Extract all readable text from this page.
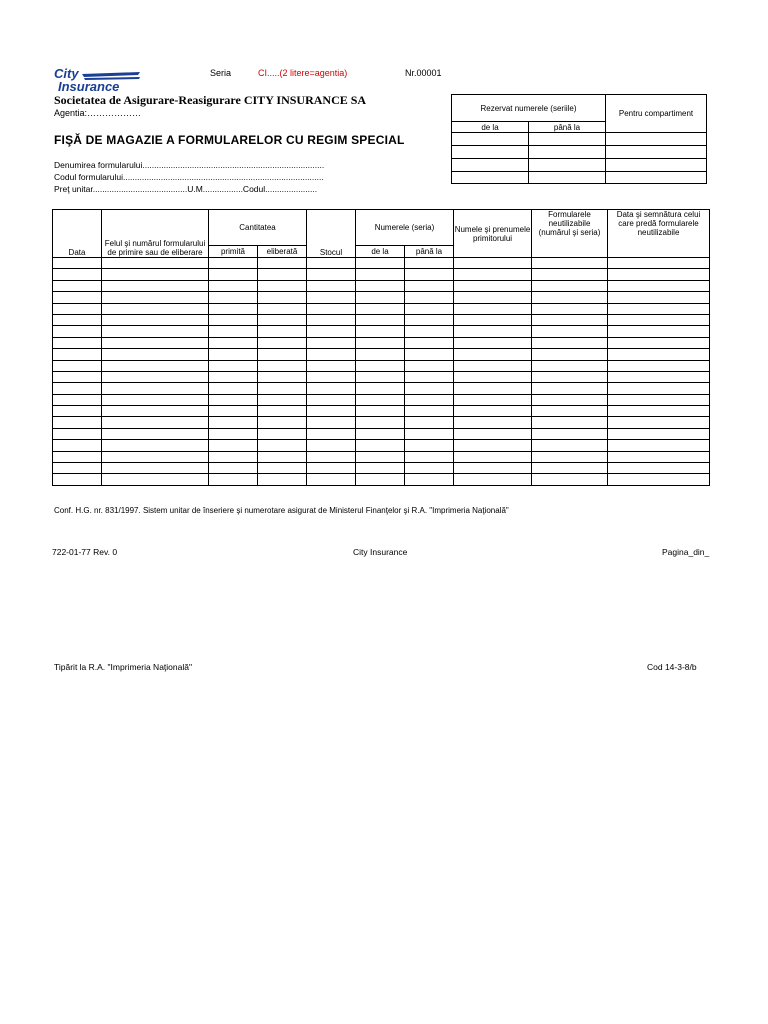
City
Insurance
Seria	CI.....(2 litere=agentia)	Nr.00001
Societatea de Asigurare-Reasigurare CITY INSURANCE SA
Agentia:………………
FIŞĂ DE MAGAZIE A FORMULARELOR CU REGIM SPECIAL
Denumirea formularului.............................................................................
Codul formularului.....................................................................................
Preţ unitar........................................U.M.................Codul......................
Rezervat numerele (seriile)		Pentru compartiment
de la	până la	

Data	Felul şi numărul formularului de primire sau de eliberare	Cantitatea		Stocul	Numerele (seria)		Numele şi prenumele primitorului	Formularele neutilizabile (numărul şi seria)	Data şi semnătura celui care predă formularele neutilizabile
		primită	eliberată		de la	până la			

Conf. H.G. nr. 831/1997. Sistem unitar de înseriere şi numerotare asigurat de Ministerul Finanţelor şi R.A. "Imprimeria Naţională"
722-01-77 Rev. 0	City Insurance	Pagina_din_
Tipărit la R.A. "Imprimeria Naţională"	Cod 14-3-8/b
